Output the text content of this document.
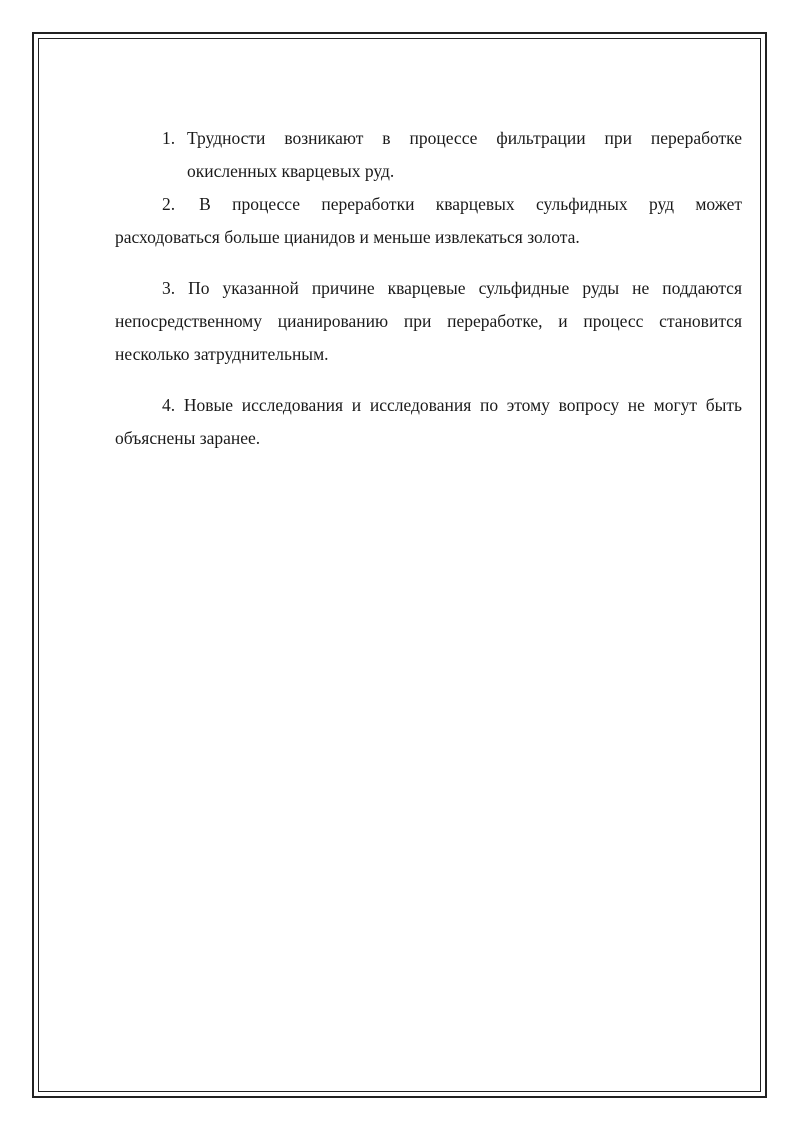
1. Трудности возникают в процессе фильтрации при переработке окисленных кварцевых руд.

2. В процессе переработки кварцевых сульфидных руд может расходоваться больше цианидов и меньше извлекаться золота.

3. По указанной причине кварцевые сульфидные руды не поддаются непосредственному цианированию при переработке, и процесс становится несколько затруднительным.

4. Новые исследования и исследования по этому вопросу не могут быть объяснены заранее.
